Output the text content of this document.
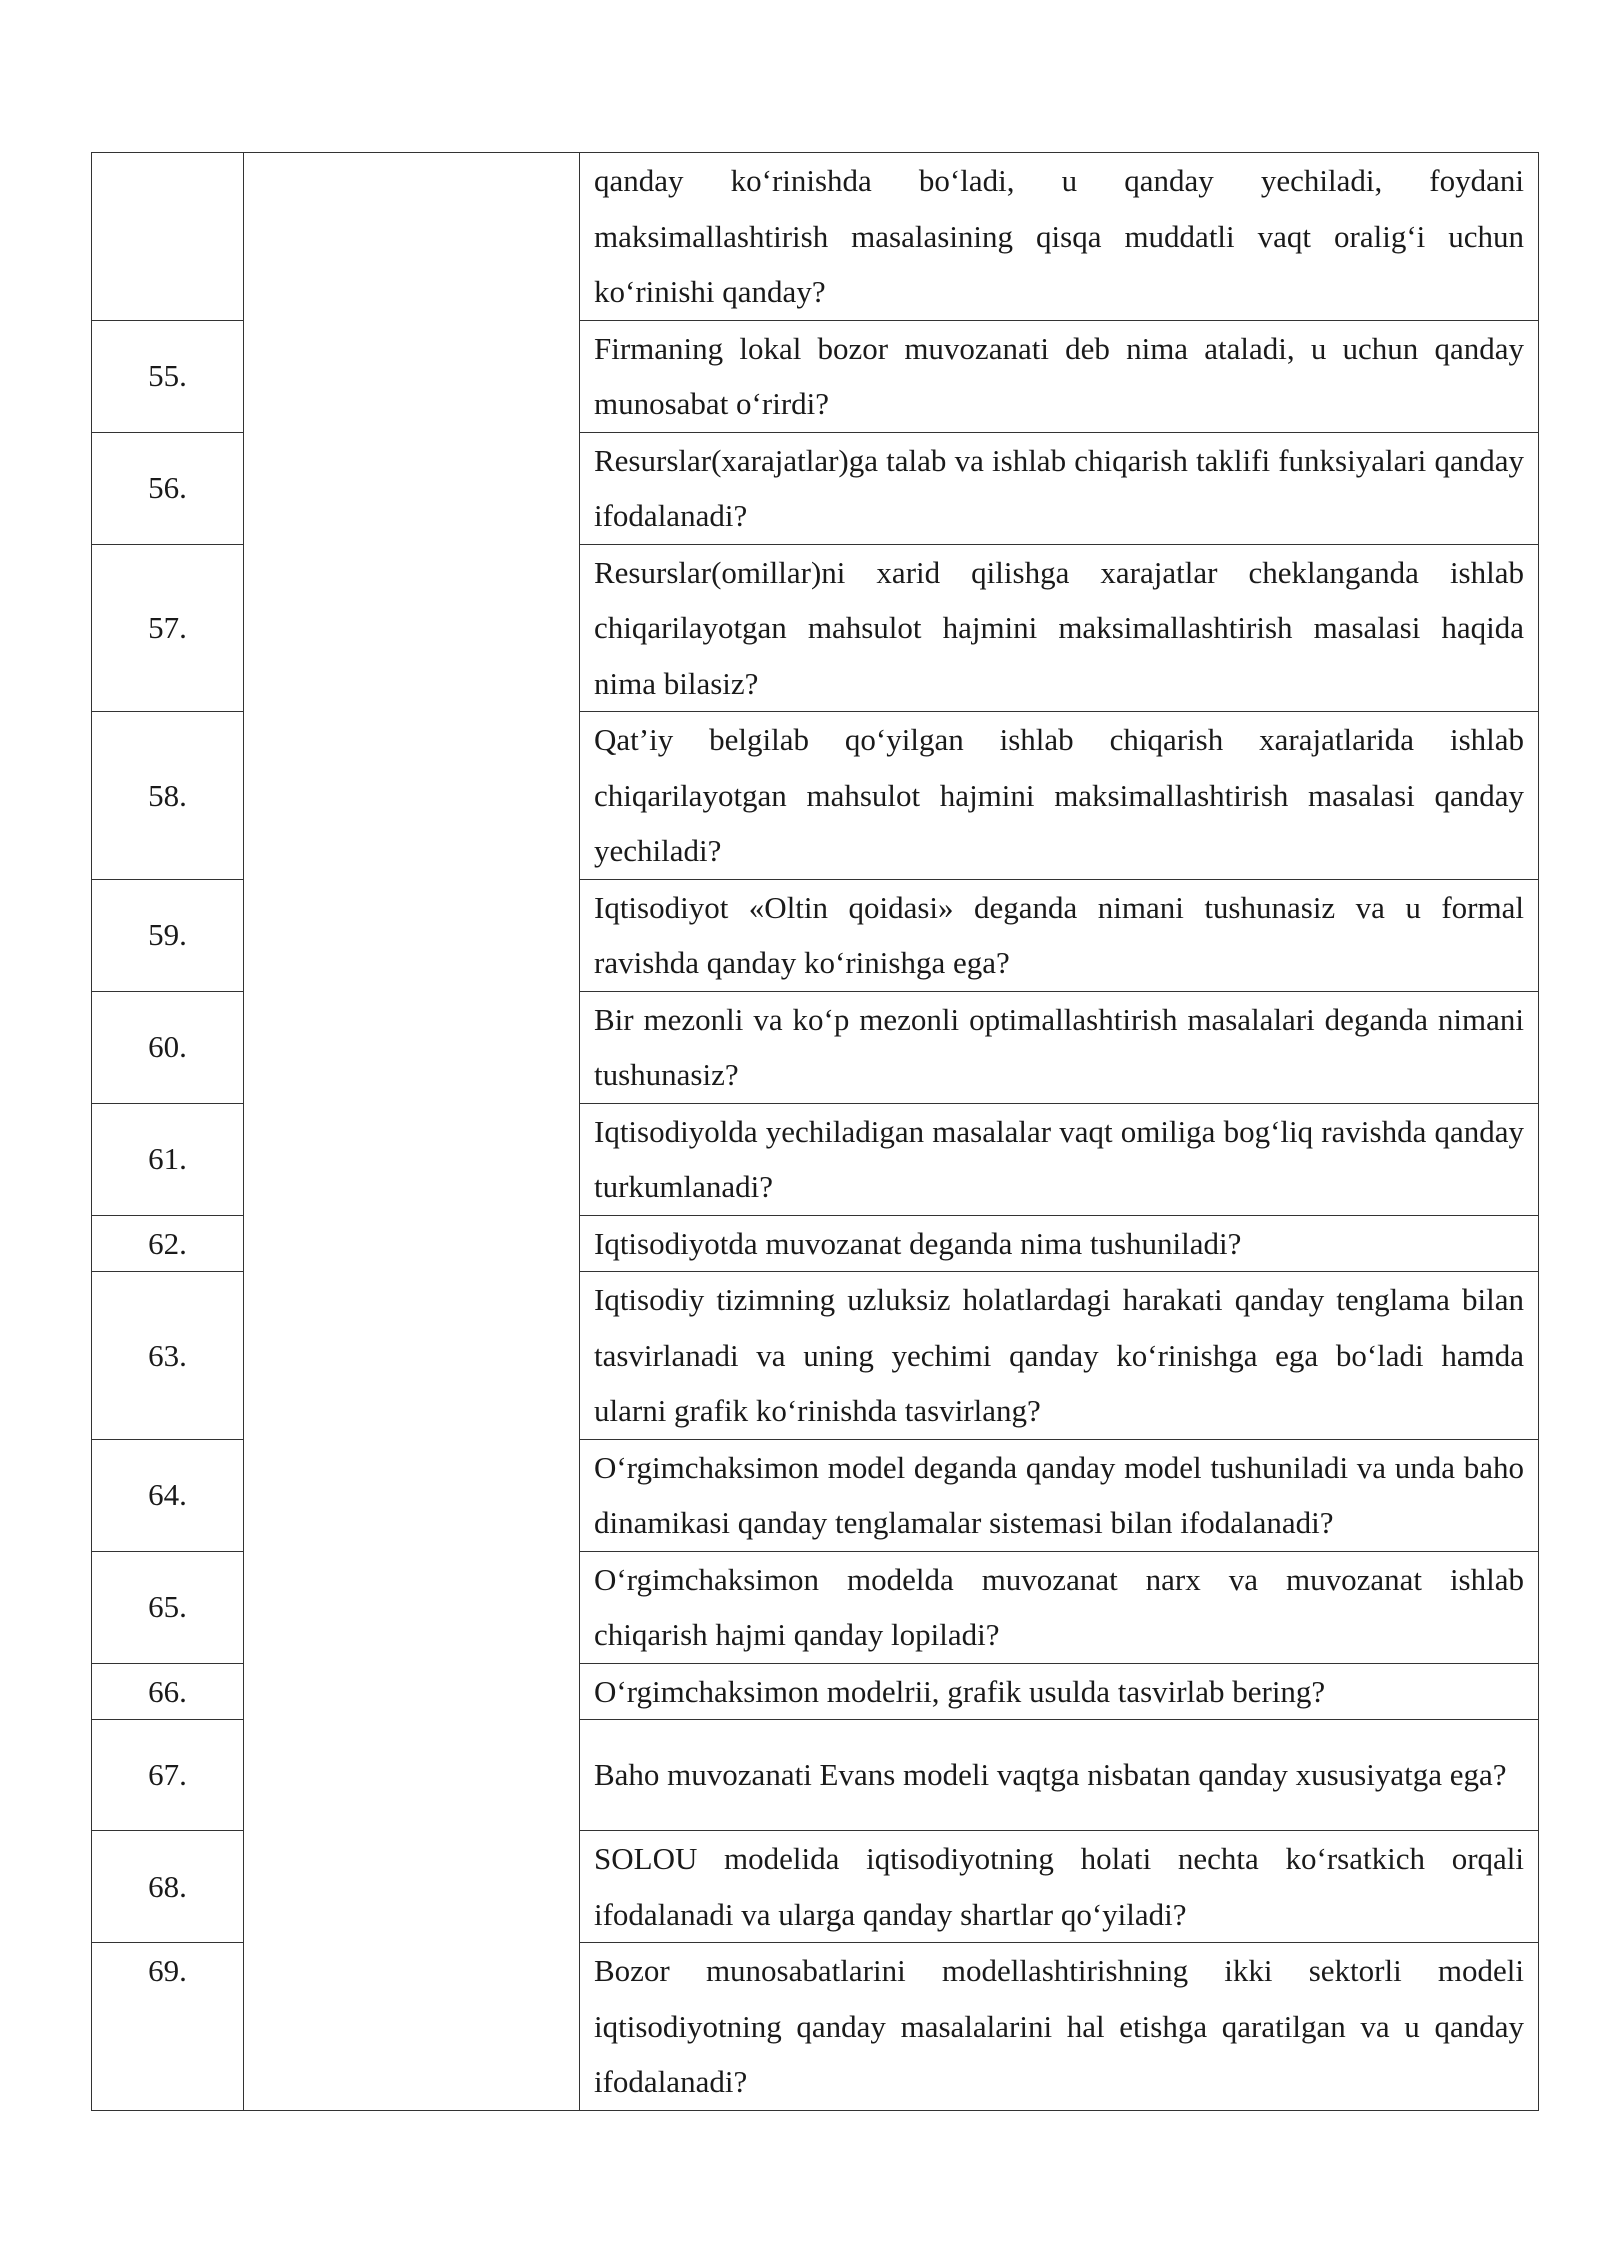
		qanday ko‘rinishda bo‘ladi, u qanday yechiladi, foydani maksimallashtirish masalasining qisqa muddatli vaqt oralig‘i uchun ko‘rinishi qanday?

55.		Firmaning lokal bozor muvozanati deb nima ataladi, u uchun qanday munosabat o‘rirdi?

56.		Resurslar(xarajatlar)ga talab va ishlab chiqarish taklifi funksiyalari qanday ifodalanadi?

57.		Resurslar(omillar)ni xarid qilishga xarajatlar cheklanganda ishlab chiqarilayotgan mahsulot hajmini maksimallashtirish masalasi haqida nima bilasiz?

58.		Qat’iy belgilab qo‘yilgan ishlab chiqarish xarajatlarida ishlab chiqarilayotgan mahsulot hajmini maksimallashtirish masalasi qanday yechiladi?

59.		Iqtisodiyot «Oltin qoidasi» deganda nimani tushunasiz va u formal ravishda qanday ko‘rinishga ega?

60.		Bir mezonli va ko‘p mezonli optimallashtirish masalalari deganda nimani tushunasiz?

61.		Iqtisodiyolda yechiladigan masalalar vaqt omiliga bog‘liq ravishda qanday turkumlanadi?

62.		Iqtisodiyotda muvozanat deganda nima tushuniladi?

63.		Iqtisodiy tizimning uzluksiz holatlardagi harakati qanday tenglama bilan tasvirlanadi va uning yechimi qanday ko‘rinishga ega bo‘ladi hamda ularni grafik ko‘rinishda tasvirlang?

64.		O‘rgimchaksimon model deganda qanday model tushuniladi va unda baho dinamikasi qanday tenglamalar sistemasi bilan ifodalanadi?

65.		O‘rgimchaksimon modelda muvozanat narx va muvozanat ishlab chiqarish hajmi qanday lopiladi?

66.		O‘rgimchaksimon modelrii, grafik usulda tasvirlab bering?

67.		Baho muvozanati Evans modeli vaqtga nisbatan qanday xususiyatga ega?

68.		SOLOU modelida iqtisodiyotning holati nechta ko‘rsatkich orqali ifodalanadi va ularga qanday shartlar qo‘yiladi?

69.		Bozor munosabatlarini modellashtirishning ikki sektorli modeli iqtisodiyotning qanday masalalarini hal etishga qaratilgan va u qanday ifodalanadi?
